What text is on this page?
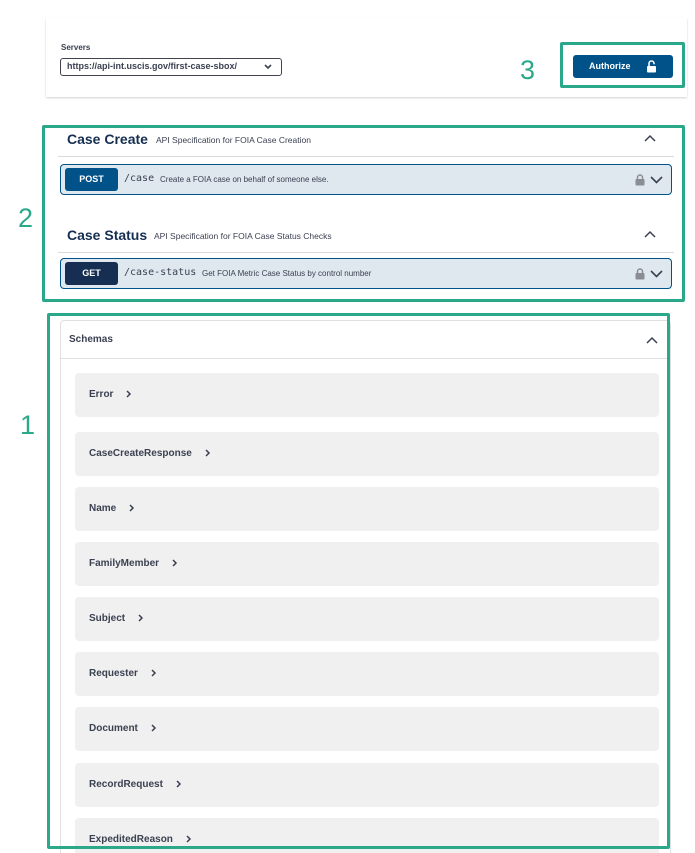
Servers
https://api-int.uscis.gov/first-case-sbox/	Authorize
Case Create API Specification for FOIA Case Creation
POST	/case Create a FOIA case on behalf of someone else.
Case Status API Specification for FOIA Case Status Checks
GET	/case-status Get FOIA Metric Case Status by control number
Schemas
Error
CaseCreateResponse
Name
FamilyMember
Subject
Requester
Document
RecordRequest
ExpeditedReason
3
2
1
